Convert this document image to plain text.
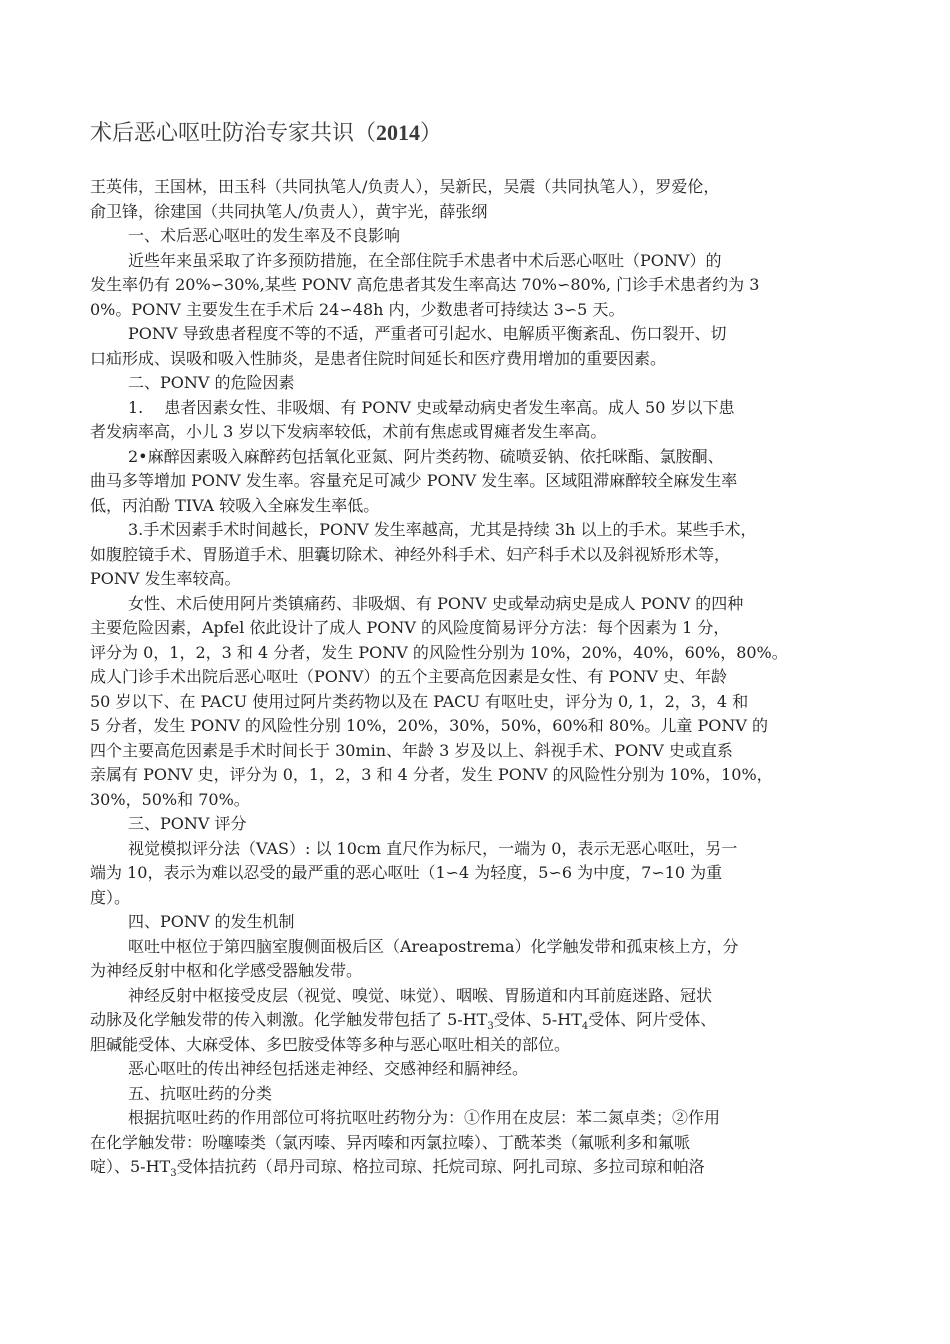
术后恶心呕吐防治专家共识（2014）
王英伟，王国林，田玉科（共同执笔人/负责人），吴新民，吴震（共同执笔人），罗爱伦，
俞卫锋，徐建国（共同执笔人/负责人），黄宇光，薛张纲
一、术后恶心呕吐的发生率及不良影响
近些年来虽采取了许多预防措施，在全部住院手术患者中术后恶心呕吐（PONV）的
发生率仍有 20%∽30%,某些 PONV 高危患者其发生率高达 70%∽80%, 门诊手术患者约为 3
0%。PONV 主要发生在手术后 24∽48h 内，少数患者可持续达 3∽5 天。
PONV 导致患者程度不等的不适，严重者可引起水、电解质平衡紊乱、伤口裂开、切
口疝形成、误吸和吸入性肺炎，是患者住院时间延长和医疗费用增加的重要因素。
二、PONV 的危险因素
1.　 患者因素女性、非吸烟、有 PONV 史或晕动病史者发生率高。成人 50 岁以下患
者发病率高，小儿 3 岁以下发病率较低，术前有焦虑或胃瘫者发生率高。
2•麻醉因素吸入麻醉药包括氧化亚氮、阿片类药物、硫喷妥钠、依托咪酯、氯胺酮、
曲马多等增加 PONV 发生率。容量充足可减少 PONV 发生率。区域阻滞麻醉较全麻发生率
低，丙泊酚 TIVA 较吸入全麻发生率低。
3.手术因素手术时间越长，PONV 发生率越高，尤其是持续 3h 以上的手术。某些手术，
如腹腔镜手术、胃肠道手术、胆囊切除术、神经外科手术、妇产科手术以及斜视矫形术等，
PONV 发生率较高。
女性、术后使用阿片类镇痛药、非吸烟、有 PONV 史或晕动病史是成人 PONV 的四种
主要危险因素，Apfel 依此设计了成人 PONV 的风险度简易评分方法：每个因素为 1 分，
评分为 0，1，2，3 和 4 分者，发生 PONV 的风险性分别为 10%，20%，40%，60%，80%。
成人门诊手术出院后恶心呕吐（PONV）的五个主要高危因素是女性、有 PONV 史、年龄
50 岁以下、在 PACU 使用过阿片类药物以及在 PACU 有呕吐史，评分为 0, 1，2，3，4 和
5 分者，发生 PONV 的风险性分别 10%，20%，30%，50%，60%和 80%。儿童 PONV 的
四个主要高危因素是手术时间长于 30min、年龄 3 岁及以上、斜视手术、PONV 史或直系
亲属有 PONV 史，评分为 0，1，2，3 和 4 分者，发生 PONV 的风险性分别为 10%，10%，
30%，50%和 70%。
三、PONV 评分
视觉模拟评分法（VAS）: 以 10cm 直尺作为标尺，一端为 0，表示无恶心呕吐，另一
端为 10，表示为难以忍受的最严重的恶心呕吐（1∽4 为轻度，5∽6 为中度，7∽10 为重
度）。
四、PONV 的发生机制
呕吐中枢位于第四脑室腹侧面极后区（Areapostrema）化学触发带和孤束核上方，分
为神经反射中枢和化学感受器触发带。
神经反射中枢接受皮层（视觉、嗅觉、味觉）、咽喉、胃肠道和内耳前庭迷路、冠状
动脉及化学触发带的传入刺激。化学触发带包括了 $5-HT_3$受体、$5-HT_4$受体、阿片受体、
胆碱能受体、大麻受体、多巴胺受体等多种与恶心呕吐相关的部位。
恶心呕吐的传出神经包括迷走神经、交感神经和膈神经。
五、抗呕吐药的分类
根据抗呕吐药的作用部位可将抗呕吐药物分为：①作用在皮层：苯二氮卓类；②作用
在化学触发带：吩噻嗪类（氯丙嗪、异丙嗪和丙氯拉嗪）、丁酰苯类（氟哌利多和氟哌
啶）、$5-HT_3$受体拮抗药（昂丹司琼、格拉司琼、托烷司琼、阿扎司琼、多拉司琼和帕洛
